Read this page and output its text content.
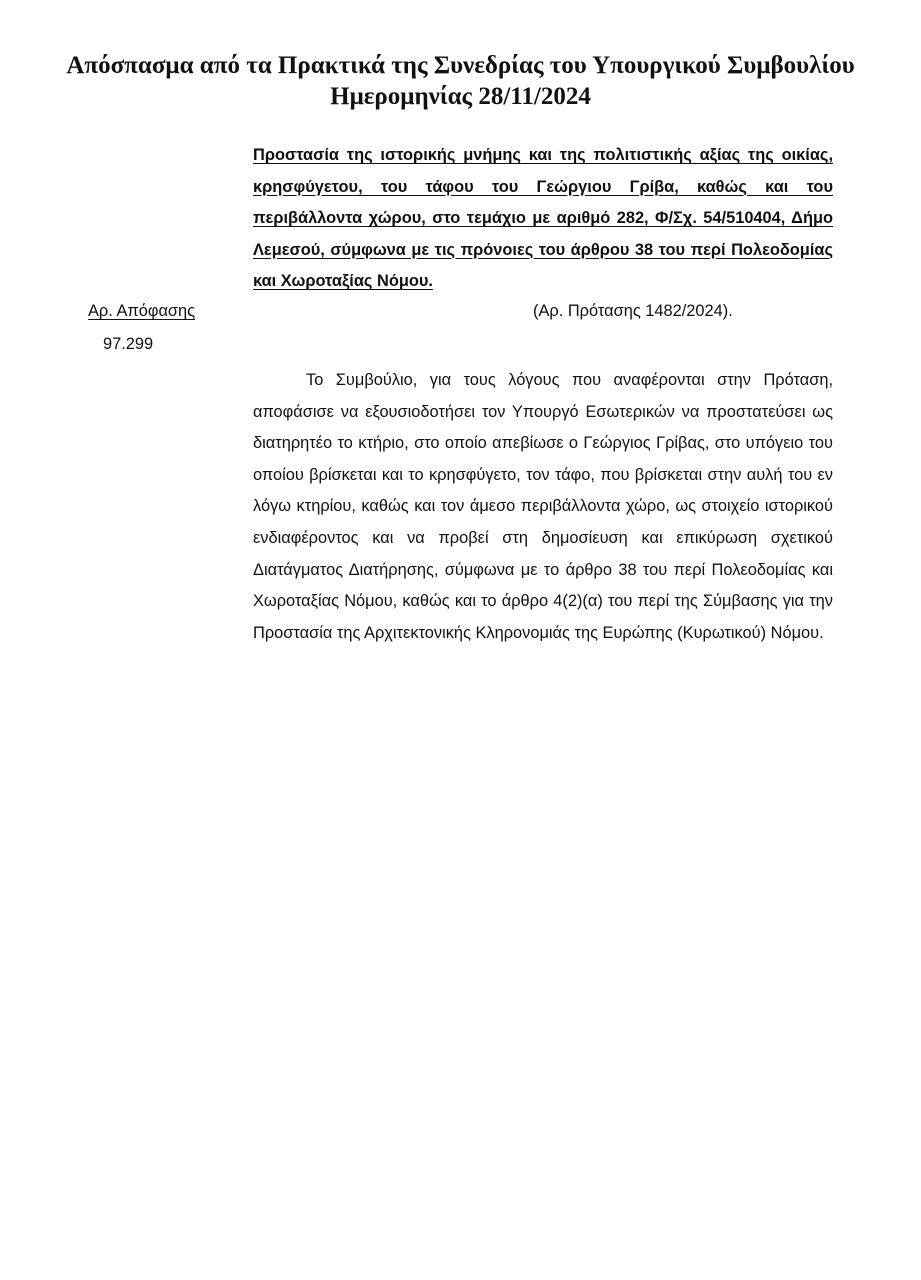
Απόσπασμα από τα Πρακτικά της Συνεδρίας του Υπουργικού Συμβουλίου Ημερομηνίας 28/11/2024

Προστασία της ιστορικής μνήμης και της πολιτιστικής αξίας της οικίας, κρησφύγετου, του τάφου του Γεώργιου Γρίβα, καθώς και του περιβάλλοντα χώρου, στο τεμάχιο με αριθμό 282, Φ/Σχ. 54/510404, Δήμο Λεμεσού, σύμφωνα με τις πρόνοιες του άρθρου 38 του περί Πολεοδομίας και Χωροταξίας Νόμου.

Αρ. Απόφασης

97.299

(Αρ. Πρότασης 1482/2024).

Το Συμβούλιο, για τους λόγους που αναφέρονται στην Πρόταση, αποφάσισε να εξουσιοδοτήσει τον Υπουργό Εσωτερικών να προστατεύσει ως διατηρητέο το κτήριο, στο οποίο απεβίωσε ο Γεώργιος Γρίβας, στο υπόγειο του οποίου βρίσκεται και το κρησφύγετο, τον τάφο, που βρίσκεται στην αυλή του εν λόγω κτηρίου, καθώς και τον άμεσο περιβάλλοντα χώρο, ως στοιχείο ιστορικού ενδιαφέροντος και να προβεί στη δημοσίευση και επικύρωση σχετικού Διατάγματος Διατήρησης, σύμφωνα με το άρθρο 38 του περί Πολεοδομίας και Χωροταξίας Νόμου, καθώς και το άρθρο 4(2)(α) του περί της Σύμβασης για την Προστασία της Αρχιτεκτονικής Κληρονομιάς της Ευρώπης (Κυρωτικού) Νόμου.
